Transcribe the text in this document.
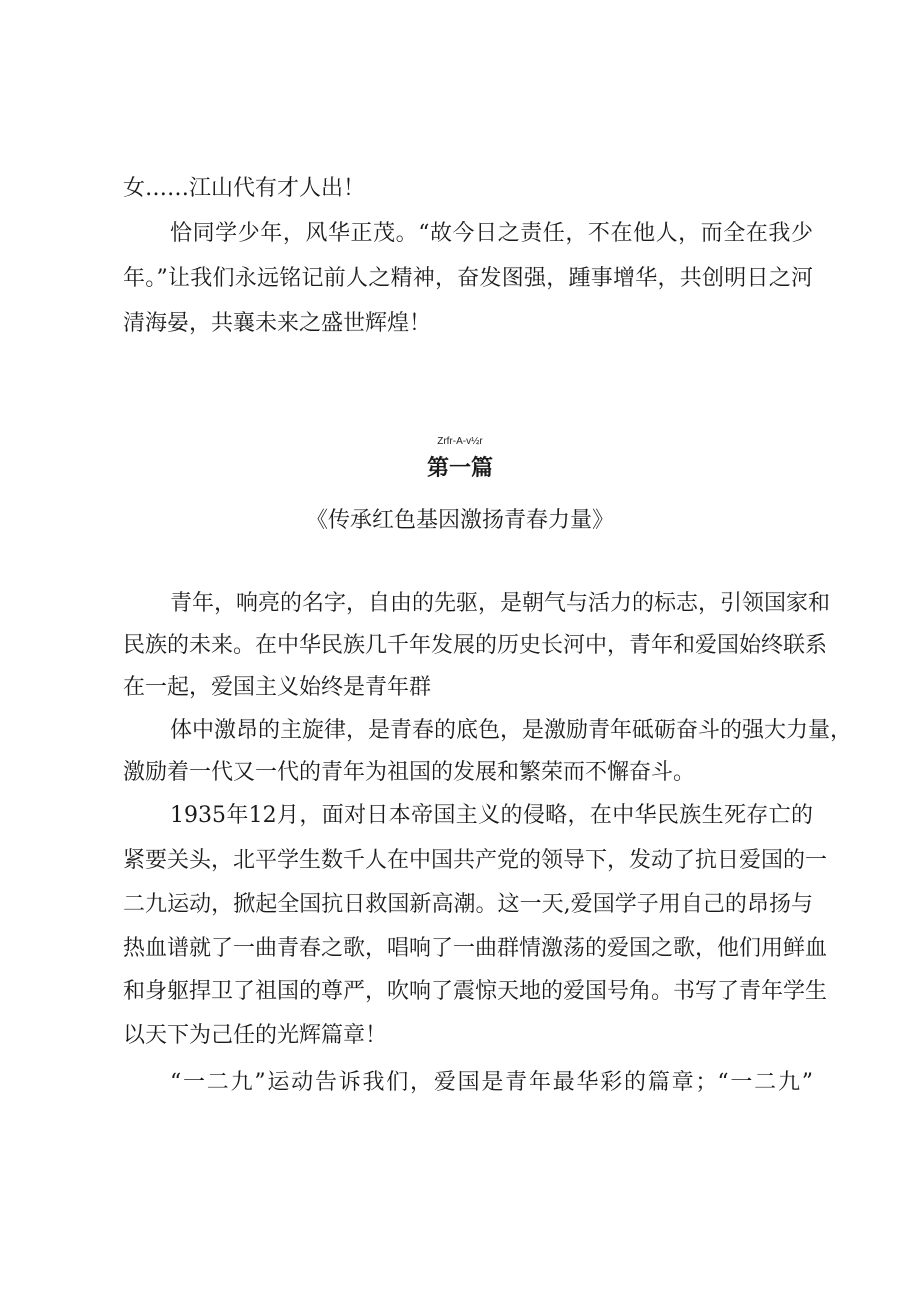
女……江山代有才人出！
恰同学少年，风华正茂。“故今日之责任，不在他人，而全在我少
年。”让我们永远铭记前人之精神，奋发图强，踵事增华，共创明日之河
清海晏，共襄未来之盛世辉煌！
Zrfr-A-v½r
第一篇
《传承红色基因激扬青春力量》
青年，响亮的名字，自由的先驱，是朝气与活力的标志，引领国家和
民族的未来。在中华民族几千年发展的历史长河中，青年和爱国始终联系
在一起，爱国主义始终是青年群
体中激昂的主旋律，是青春的底色，是激励青年砥砺奋斗的强大力量，
激励着一代又一代的青年为祖国的发展和繁荣而不懈奋斗。
1935年12月，面对日本帝国主义的侵略，在中华民族生死存亡的
紧要关头，北平学生数千人在中国共产党的领导下，发动了抗日爱国的一
二九运动，掀起全国抗日救国新高潮。这一天,爱国学子用自己的昂扬与
热血谱就了一曲青春之歌，唱响了一曲群情激荡的爱国之歌，他们用鲜血
和身躯捍卫了祖国的尊严，吹响了震惊天地的爱国号角。书写了青年学生
以天下为己任的光辉篇章！
“一二九”运动告诉我们，爱国是青年最华彩的篇章；“一二九”
